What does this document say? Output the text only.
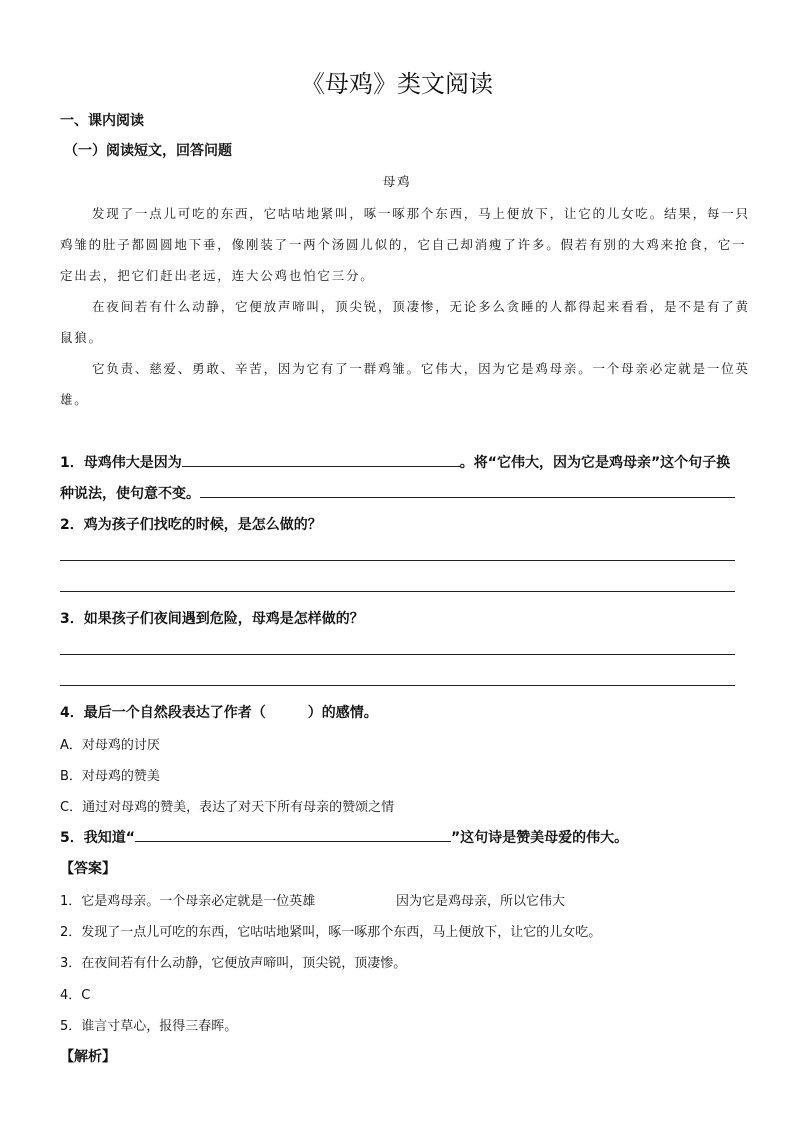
《母鸡》类文阅读
一、课内阅读
（一）阅读短文，回答问题
母鸡
发现了一点儿可吃的东西，它咕咕地紧叫，啄一啄那个东西，马上便放下，让它的儿女吃。结果，每一只
鸡雏的肚子都圆圆地下垂，像刚装了一两个汤圆儿似的，它自己却消瘦了许多。假若有别的大鸡来抢食，它一
定出去，把它们赶出老远，连大公鸡也怕它三分。
在夜间若有什么动静，它便放声啼叫，顶尖锐，顶凄惨，无论多么贪睡的人都得起来看看，是不是有了黄
鼠狼。
它负责、慈爱、勇敢、辛苦，因为它有了一群鸡雏。它伟大，因为它是鸡母亲。一个母亲必定就是一位英
雄。
1．母鸡伟大是因为	。将“它伟大，因为它是鸡母亲”这个句子换
种说法，使句意不变。
2．鸡为孩子们找吃的时候，是怎么做的？
3．如果孩子们夜间遇到危险，母鸡是怎样做的？
4．最后一个自然段表达了作者（　　　）的感情。
A．对母鸡的讨厌
B．对母鸡的赞美
C．通过对母鸡的赞美，表达了对天下所有母亲的赞颂之情
5．我知道“	”这句诗是赞美母爱的伟大。
【答案】
1．它是鸡母亲。一个母亲必定就是一位英雄	因为它是鸡母亲，所以它伟大
2．发现了一点儿可吃的东西，它咕咕地紧叫，啄一啄那个东西，马上便放下，让它的儿女吃。
3．在夜间若有什么动静，它便放声啼叫，顶尖锐，顶凄惨。
4．C
5．谁言寸草心，报得三春晖。
【解析】
